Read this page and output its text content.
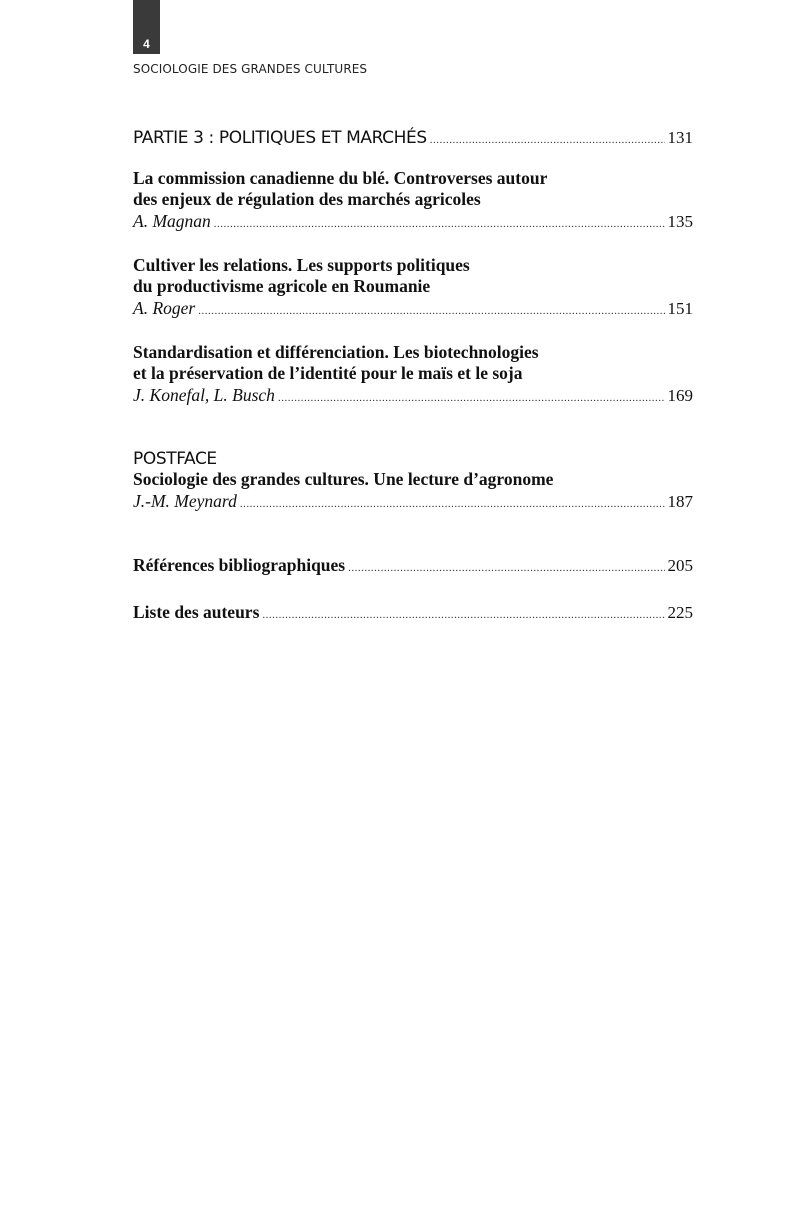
4
SOCIOLOGIE DES GRANDES CULTURES
PARTIE 3 : POLITIQUES ET MARCHÉS .....	131
La commission canadienne du blé. Controverses autour
des enjeux de régulation des marchés agricoles
A. Magnan .....	135
Cultiver les relations. Les supports politiques
du productivisme agricole en Roumanie
A. Roger .....	151
Standardisation et différenciation. Les biotechnologies
et la préservation de l’identité pour le maïs et le soja
J. Konefal, L. Busch .....	169
POSTFACE
Sociologie des grandes cultures. Une lecture d’agronome
J.-M. Meynard .....	187
Références bibliographiques .....	205
Liste des auteurs .....	225
